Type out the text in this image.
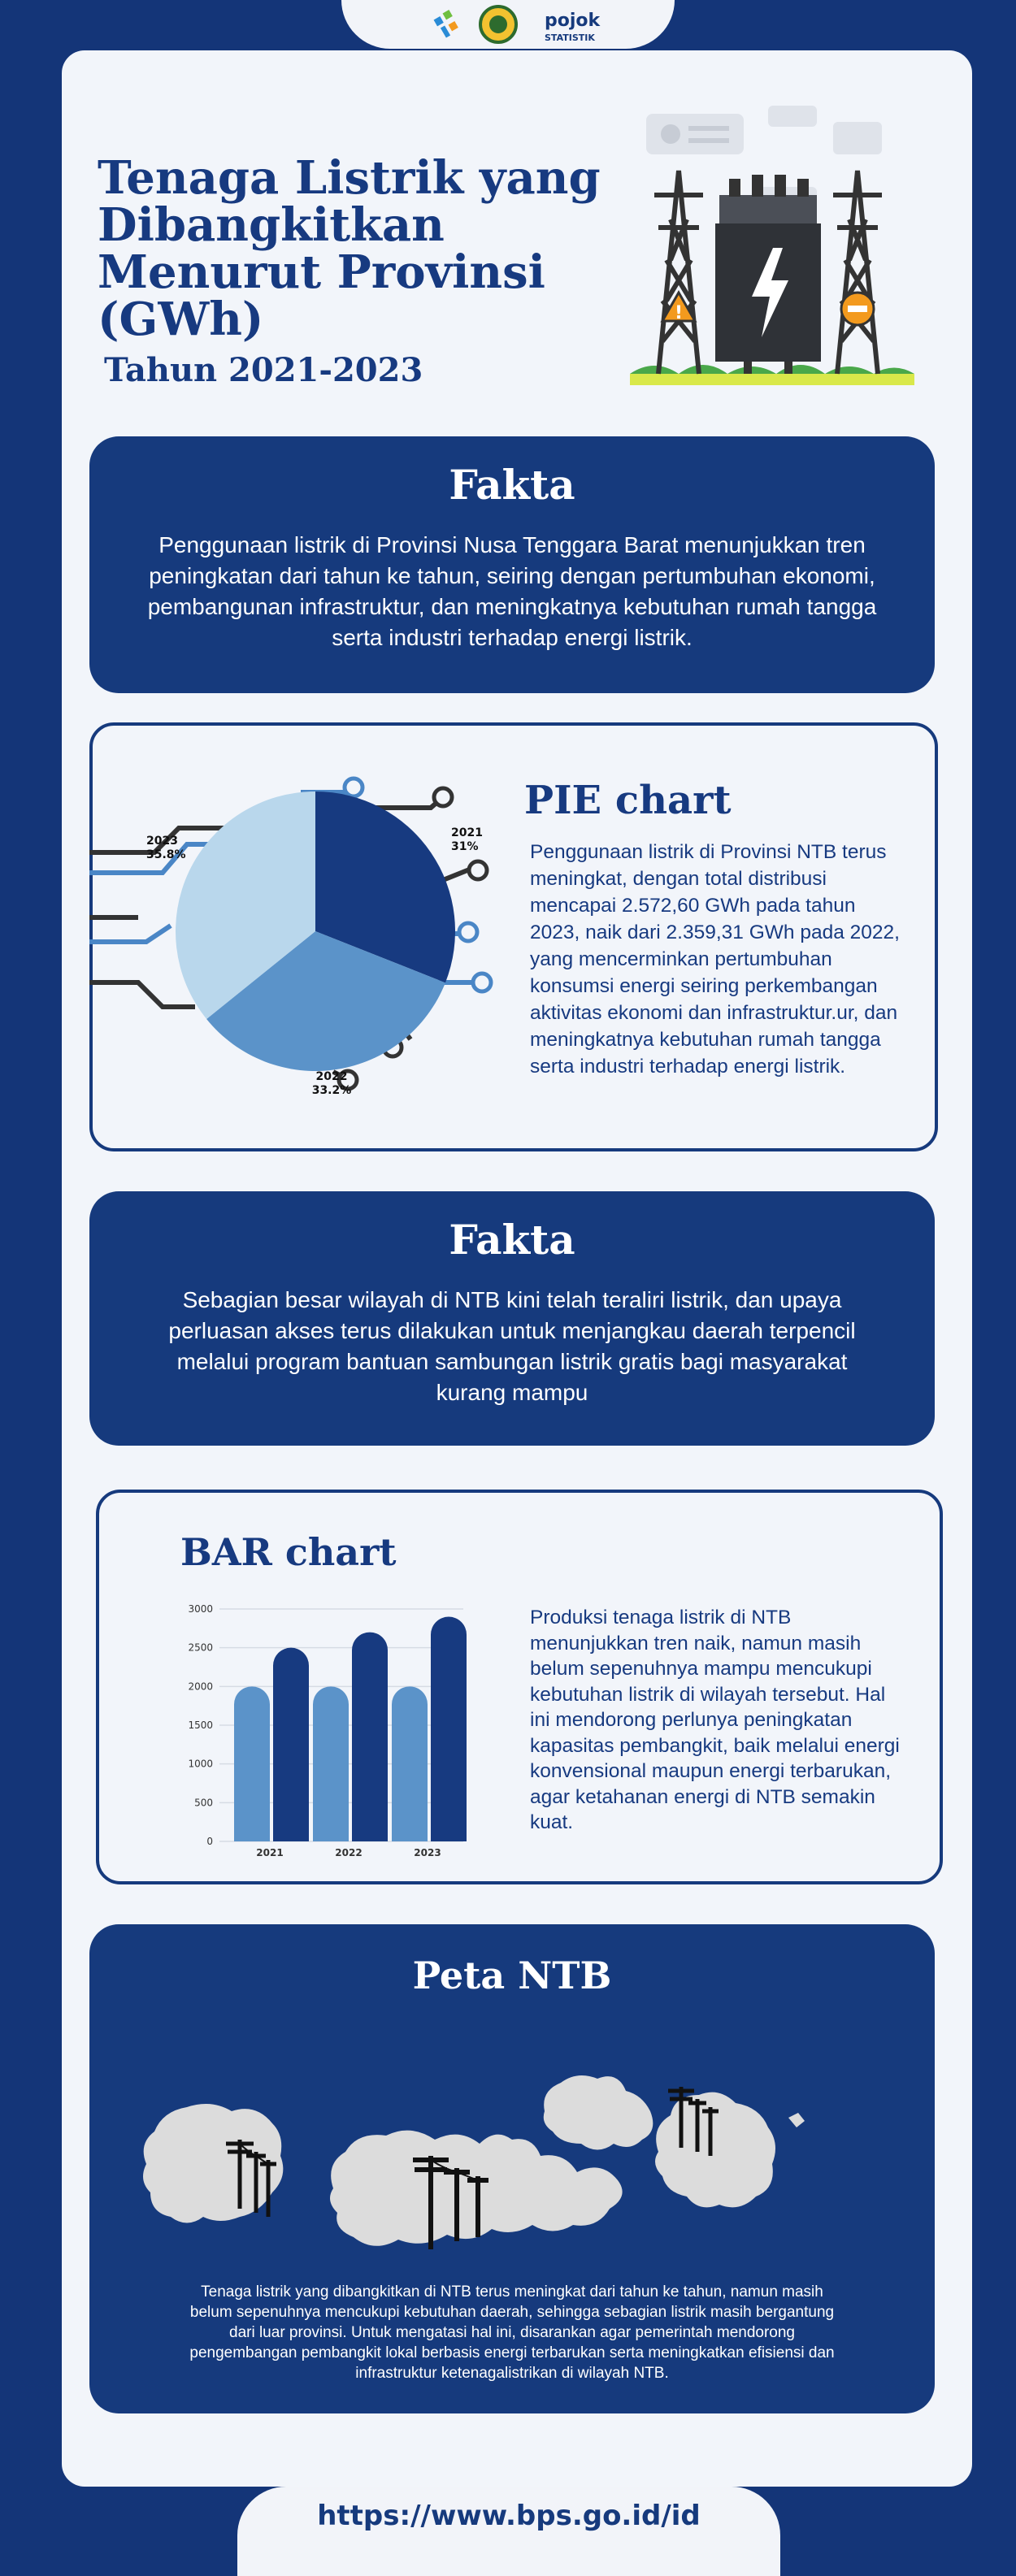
pojok
STATISTIK
Tenaga Listrik yang Dibangkitkan Menurut Provinsi (GWh)
Tahun 2021-2023
!
Fakta
Penggunaan listrik di Provinsi Nusa Tenggara Barat menunjukkan tren peningkatan dari tahun ke tahun, seiring dengan pertumbuhan ekonomi, pembangunan infrastruktur, dan meningkatnya kebutuhan rumah tangga serta industri terhadap energi listrik.
2021 31%
2022 33.2%
2023 35.8%
PIE chart
Penggunaan listrik di Provinsi NTB terus meningkat, dengan total distribusi mencapai 2.572,60 GWh pada tahun 2023, naik dari 2.359,31 GWh pada 2022, yang mencerminkan pertumbuhan konsumsi energi seiring perkembangan aktivitas ekonomi dan infrastruktur.ur, dan meningkatnya kebutuhan rumah tangga serta industri terhadap energi listrik.
Fakta
Sebagian besar wilayah di NTB kini telah teraliri listrik, dan upaya perluasan akses terus dilakukan untuk menjangkau daerah terpencil melalui program bantuan sambungan listrik gratis bagi masyarakat kurang mampu
BAR chart
0
500
1000
1500
2000
2500
3000
2021	2022	2023
Produksi tenaga listrik di NTB menunjukkan tren naik, namun masih belum sepenuhnya mampu mencukupi kebutuhan listrik di wilayah tersebut. Hal ini mendorong perlunya peningkatan kapasitas pembangkit, baik melalui energi konvensional maupun energi terbarukan, agar ketahanan energi di NTB semakin kuat.
Peta NTB
Tenaga listrik yang dibangkitkan di NTB terus meningkat dari tahun ke tahun, namun masih belum sepenuhnya mencukupi kebutuhan daerah, sehingga sebagian listrik masih bergantung dari luar provinsi. Untuk mengatasi hal ini, disarankan agar pemerintah mendorong pengembangan pembangkit lokal berbasis energi terbarukan serta meningkatkan efisiensi dan infrastruktur ketenagalistrikan di wilayah NTB.
https://www.bps.go.id/id
